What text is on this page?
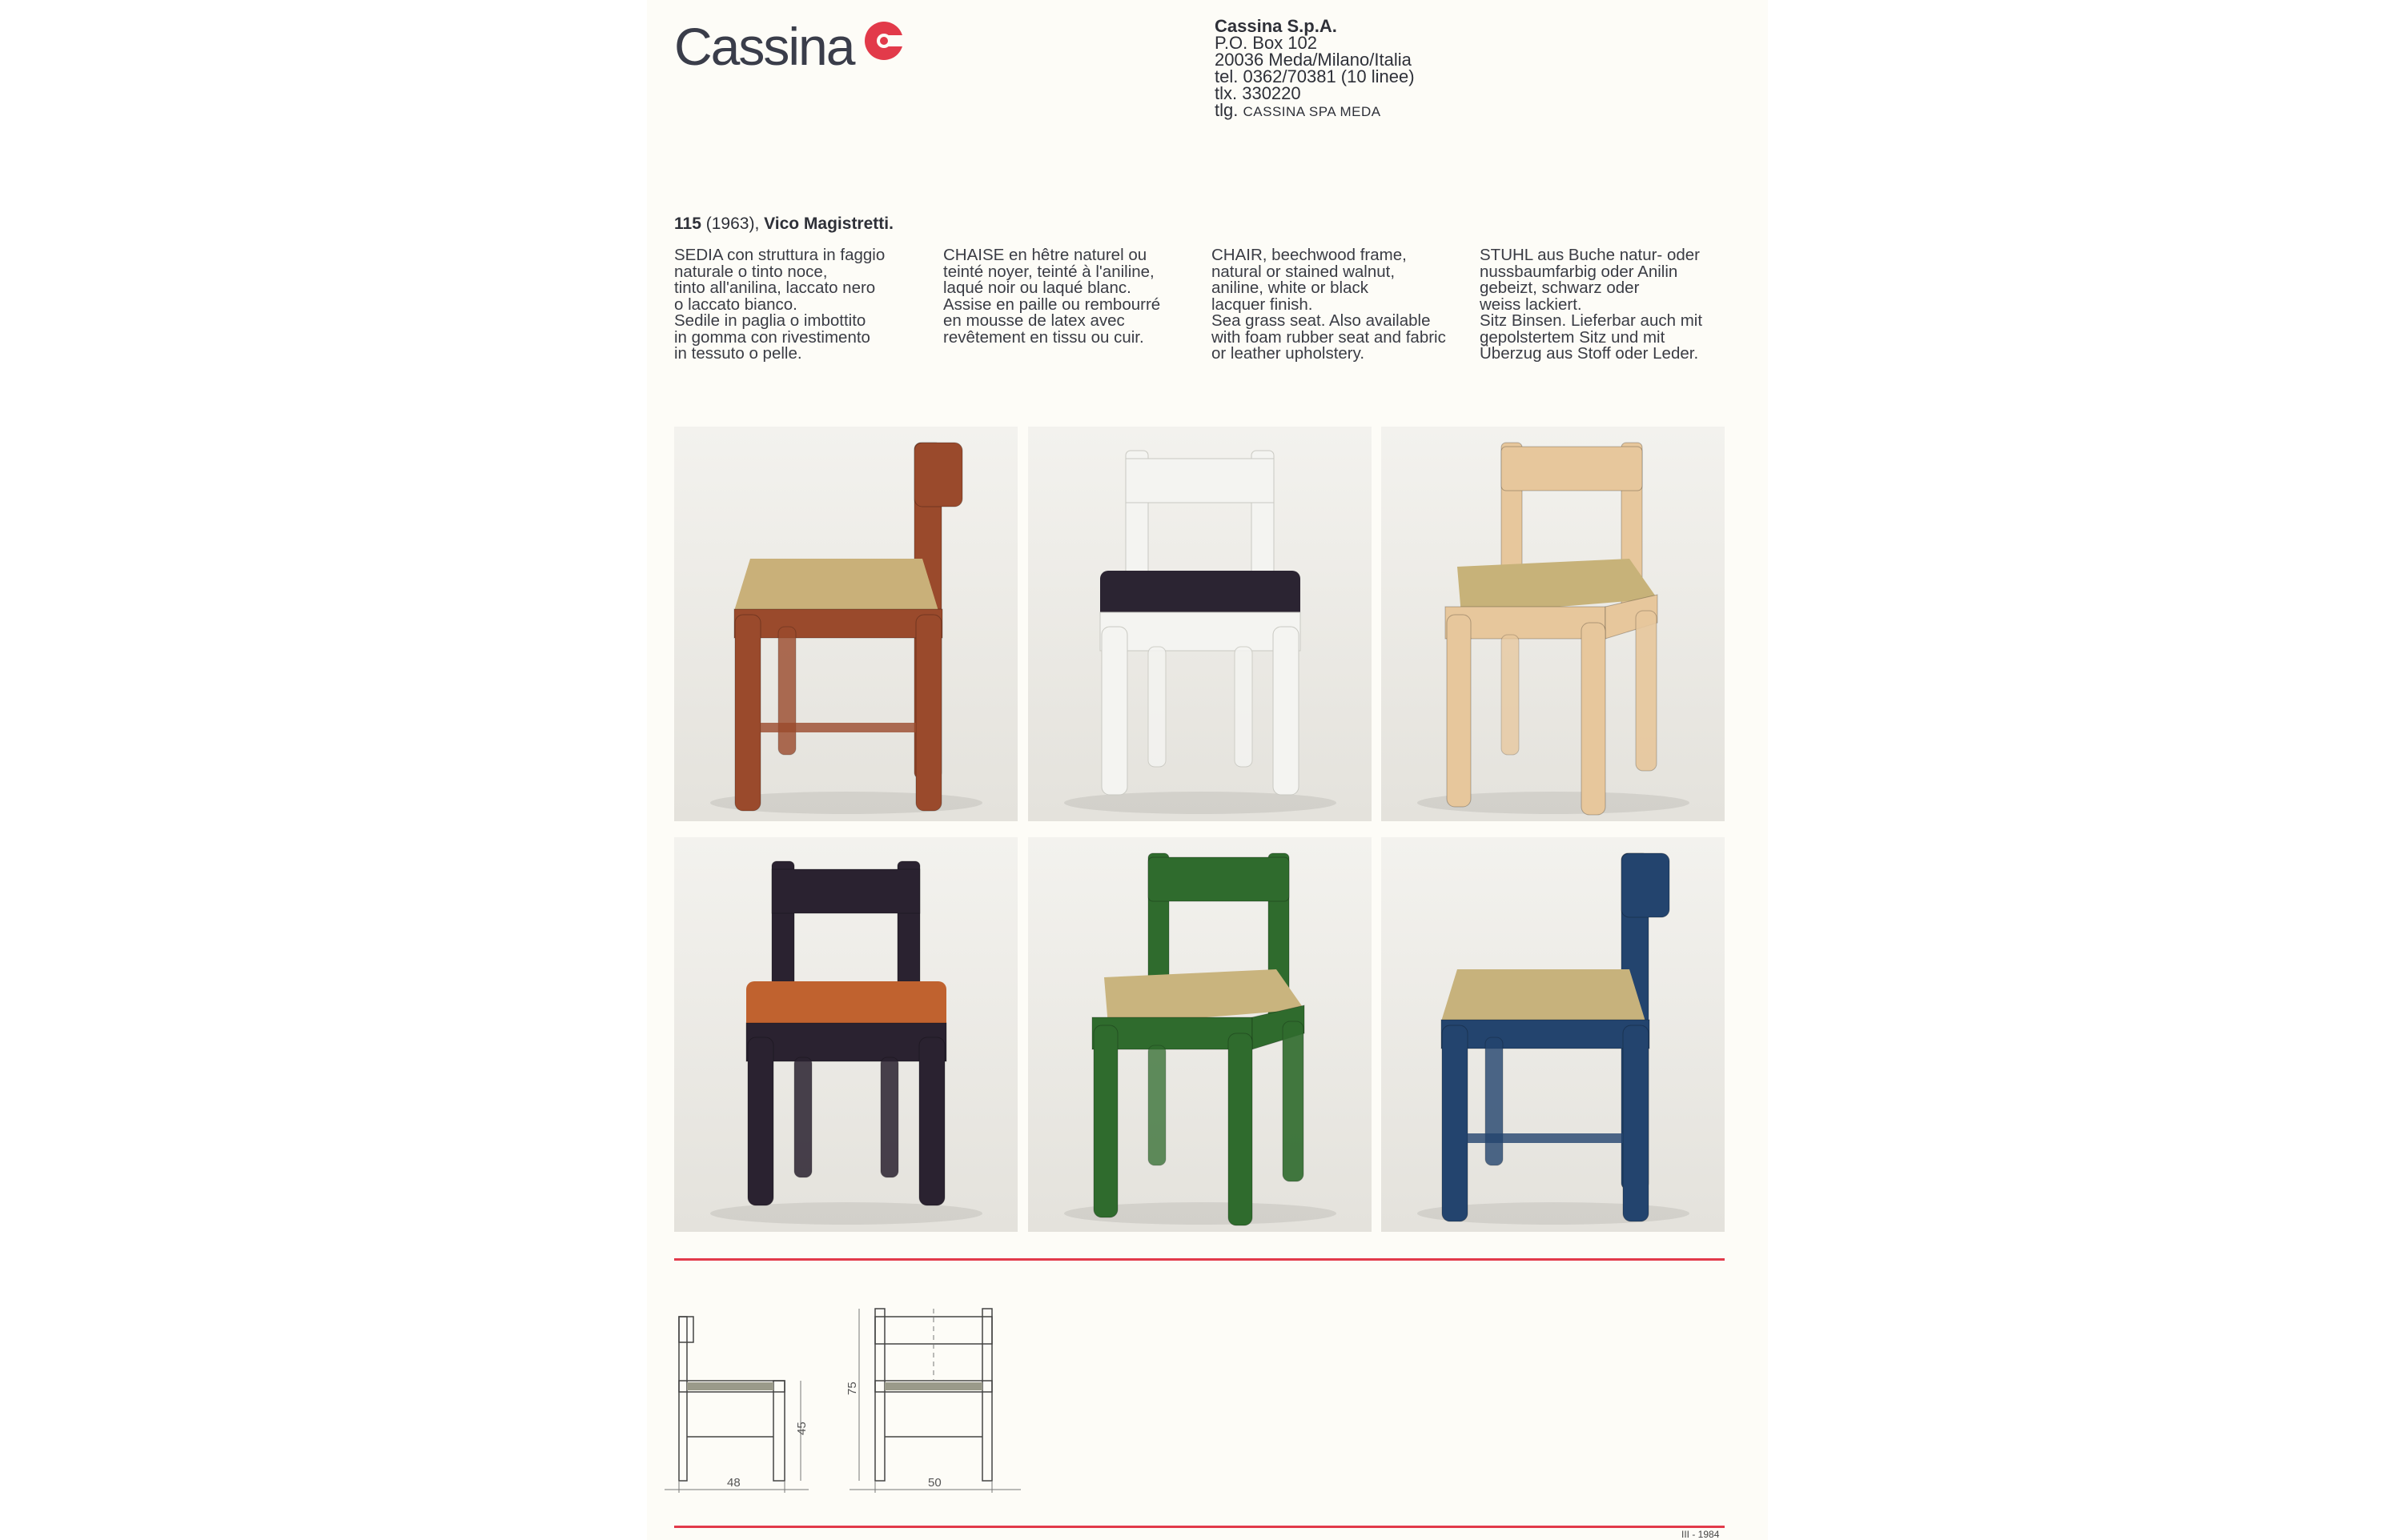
Cassina	Cassina S.p.A.
P.O. Box 102
20036 Meda/Milano/Italia
tel. 0362/70381 (10 linee)
tlx. 330220
tlg. CASSINA SPA MEDA
115 (1963), Vico Magistretti.
SEDIA con struttura in faggio
naturale o tinto noce,
tinto all'anilina, laccato nero
o laccato bianco.
Sedile in paglia o imbottito
in gomma con rivestimento
in tessuto o pelle.
CHAISE en hêtre naturel ou
teinté noyer, teinté à l'aniline,
laqué noir ou laqué blanc.
Assise en paille ou rembourré
en mousse de latex avec
revêtement en tissu ou cuir.
CHAIR, beechwood frame,
natural or stained walnut,
aniline, white or black
lacquer finish.
Sea grass seat. Also available
with foam rubber seat and fabric
or leather upholstery.
STUHL aus Buche natur- oder
nussbaumfarbig oder Anilin
gebeizt, schwarz oder
weiss lackiert.
Sitz Binsen. Lieferbar auch mit
gepolstertem Sitz und mit
Überzug aus Stoff oder Leder.
48
45
50
75
III - 1984
